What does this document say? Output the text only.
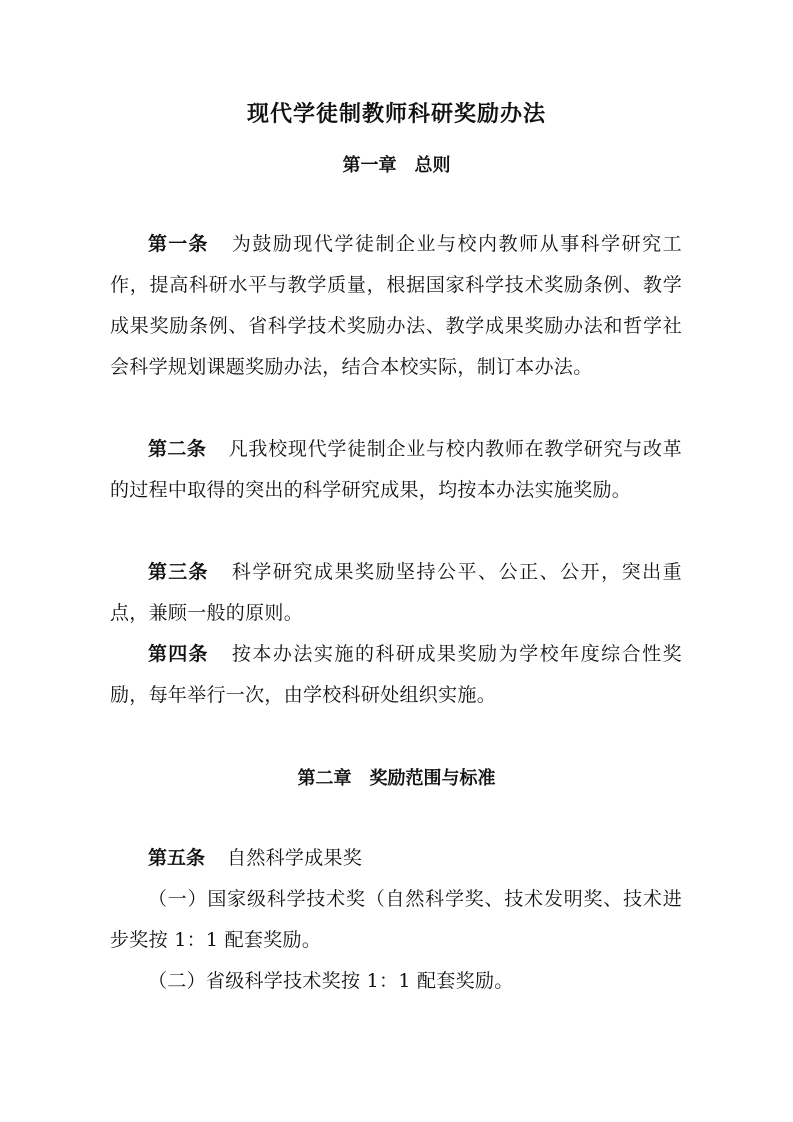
现代学徒制教师科研奖励办法
第一章 总则
第一条 为鼓励现代学徒制企业与校内教师从事科学研究工作，提高科研水平与教学质量，根据国家科学技术奖励条例、教学成果奖励条例、省科学技术奖励办法、教学成果奖励办法和哲学社会科学规划课题奖励办法，结合本校实际，制订本办法。
第二条 凡我校现代学徒制企业与校内教师在教学研究与改革的过程中取得的突出的科学研究成果，均按本办法实施奖励。
第三条 科学研究成果奖励坚持公平、公正、公开，突出重点，兼顾一般的原则。
第四条 按本办法实施的科研成果奖励为学校年度综合性奖励，每年举行一次，由学校科研处组织实施。
第二章 奖励范围与标准
第五条 自然科学成果奖
（一）国家级科学技术奖（自然科学奖、技术发明奖、技术进步奖按 1：1 配套奖励。
（二）省级科学技术奖按 1：1 配套奖励。
